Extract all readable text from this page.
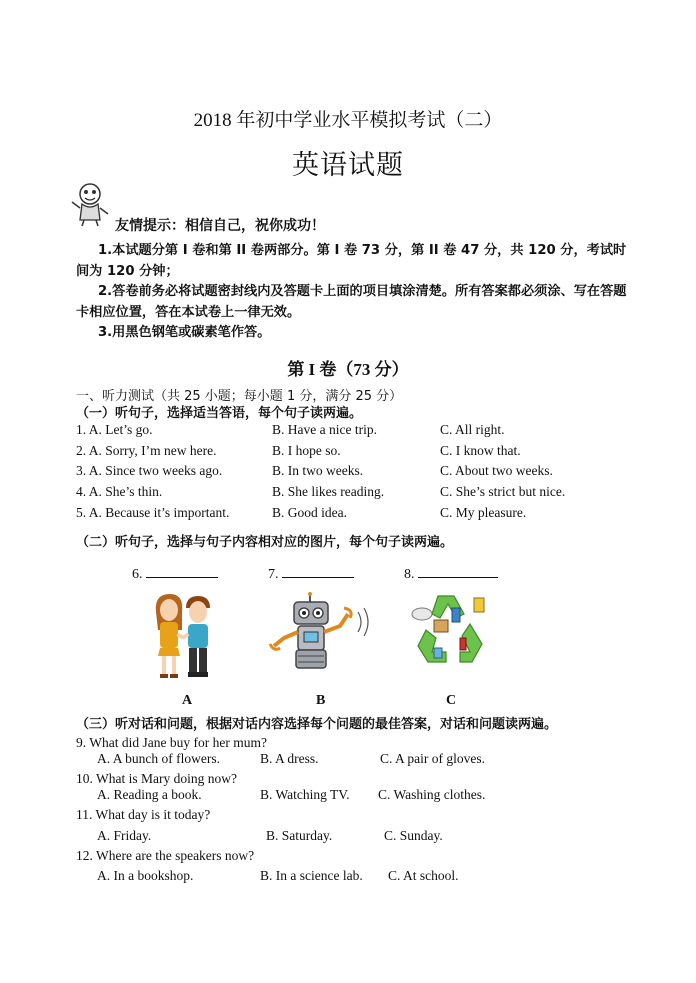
2018 年初中学业水平模拟考试（二）
英语试题
友情提示：相信自己，祝你成功！

1.本试题分第 I 卷和第 II 卷两部分。第 I 卷 73 分，第 II 卷 47 分，共 120 分，考试时间为 120 分钟；

2.答卷前务必将试题密封线内及答题卡上面的项目填涂清楚。所有答案都必须涂、写在答题卡相应位置，答在本试卷上一律无效。

3.用黑色钢笔或碳素笔作答。

第 I 卷（73 分）
一、听力测试（共 25 小题；每小题 1 分，满分 25 分）
（一）听句子，选择适当答语，每个句子读两遍。
1. A. Let’s go.	B. Have a nice trip.	C. All right.
2. A. Sorry, I’m new here.	B. I hope so.	C. I know that.
3. A. Since two weeks ago.	B. In two weeks.	C. About two weeks.
4. A. She’s thin.	B. She likes reading.	C. She’s strict but nice.
5. A. Because it’s important.	B. Good idea.	C. My pleasure.
（二）听句子，选择与句子内容相对应的图片，每个句子读两遍。
6.	7.	8.
A	B	C
（三）听对话和问题，根据对话内容选择每个问题的最佳答案，对话和问题读两遍。
9. What did Jane buy for her mum?
A. A bunch of flowers.	B. A dress.	C. A pair of gloves.
10. What is Mary doing now?
A. Reading a book.	B. Watching TV. C. Washing clothes.
11. What day is it today?
A. Friday.	B. Saturday.	C. Sunday.
12. Where are the speakers now?
A. In a bookshop.	B. In a science lab. C. At school.
